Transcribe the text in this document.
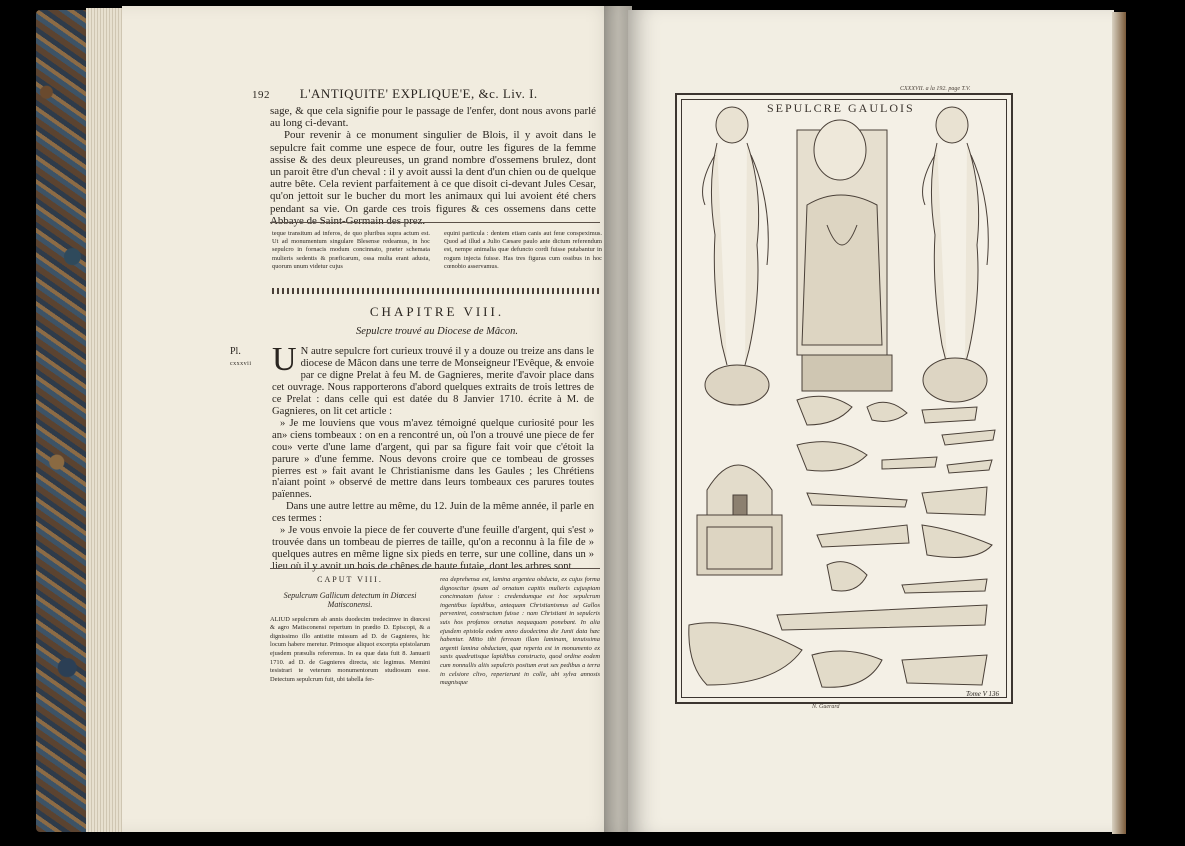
192 L'ANTIQUITE' EXPLIQUE'E, &c. Liv. I.
sage, & que cela signifie pour le passage de l'enfer, dont nous avons parlé au long ci-devant.
Pour revenir à ce monument singulier de Blois, il y avoit dans le sepulcre fait comme une espece de four, outre les figures de la femme assise & des deux pleureuses, un grand nombre d'ossemens brulez, dont un paroit être d'un cheval : il y avoit aussi la dent d'un chien ou de quelque autre bête. Cela revient parfaitement à ce que disoit ci-devant Jules Cesar, qu'on jettoit sur le bucher du mort les animaux qui lui avoient été chers pendant sa vie. On garde ces trois figures & ces ossemens dans cette Abbaye de Saint-Germain des prez.
teque transitum ad inferos, de quo pluribus supra actum est. Ut ad monumentum singulare Blesense redeamus, in hoc sepulcro in fornacis modum concinnato, præter schemata mulieris sedentis & præficarum, ossa multa erant adusta, quorum unum videtur cujus
equini particula : dentem etiam canis aut feræ conspeximus. Quod ad illud a Julio Cæsare paulo ante dictum referendum est, nempe animalia quæ defuncto cordi fuisse putabantur in rogum injecta fuisse. Has tres figuras cum ossibus in hoc cœnobio asservamus.
CHAPITRE VIII.
Sepulcre trouvé au Diocese de Mâcon.
Pl.
cxxxvii U N autre sepulcre fort curieux trouvé il y a douze ou treize ans dans le diocese de Mâcon dans une terre de Monseigneur l'Evêque, & envoie par ce digne Prelat à feu M. de Gagnieres, merite d'avoir place dans cet ouvrage. Nous rapporterons d'abord quelques extraits de trois lettres de ce Prelat : dans celle qui est datée du 8 Janvier 1710. écrite à M. de Gagnieres, on lit cet article :
» Je me louviens que vous m'avez témoigné quelque curiosité pour les an» ciens tombeaux : on en a rencontré un, où l'on a trouvé une piece de fer cou» verte d'une lame d'argent, qui par sa figure fait voir que c'étoit la parure » d'une femme. Nous devons croire que ce tombeau de grosses pierres est » fait avant le Christianisme dans les Gaules ; les Chrétiens n'aiant point » observé de mettre dans leurs tombeaux ces parures toutes païennes.
Dans une autre lettre au même, du 12. Juin de la même année, il parle en ces termes :
» Je vous envoie la piece de fer couverte d'une feuille d'argent, qui s'est » trouvée dans un tombeau de pierres de taille, qu'on a reconnu à la file de » quelques autres en même ligne six pieds en terre, sur une colline, dans un » lieu où il y avoit un bois de chênes de haute futaie, dont les arbres sont
CAPUT VIII.
Sepulcrum Gallicum detectum in Diœcesi Matisconensi.

ALIUD sepulcrum ab annis duodecim tredecimve in diœcesi & agro Matisconensi repertum in prædio D. Episcopi, & a dignissimo illo antistite missum ad D. de Gagnieres, hic locum habere meretur. Primoque aliquot excerpta epistolarum ejusdem præsulis referemus. In ea quæ data fuit 8. Januarii 1710. ad D. de Gagnieres directa, sic legimus. Memini tesistrari te veterum monumentorum studiosum esse. Detectum sepulcrum fuit, ubi tabella fer-

rea deprehensa est, lamina argentea obducta, ex cujus forma dignoscitur ipsam ad ornatum capitis mulieris cujuspiam concinnatam fuisse : credendumque est hoc sepulcrum ingentibus lapidibus, antequam Christianismus ad Gallos perveniret, constructum fuisse : nam Christiani in sepulcris suis hos profanos ornatus nequaquam ponebant. In alia ejusdem epistola eodem anno duodecima die Junii data hæc habentur. Mitto tibi ferream illam laminam, tenuissima argenti lamina obductam, quæ reperta est in monumento ex saxis quadratisque lapidibus constructo, quod ordine eodem cum nonnullis aliis sepulcris positum erat sex pedibus a terra in celsiore clivo, reperierunt in colle, ubi sylva annosis magnisque
CXXXVII. a la 192. page T.V.
SEPULCRE GAULOIS
Tome V 136
N. Guerard
